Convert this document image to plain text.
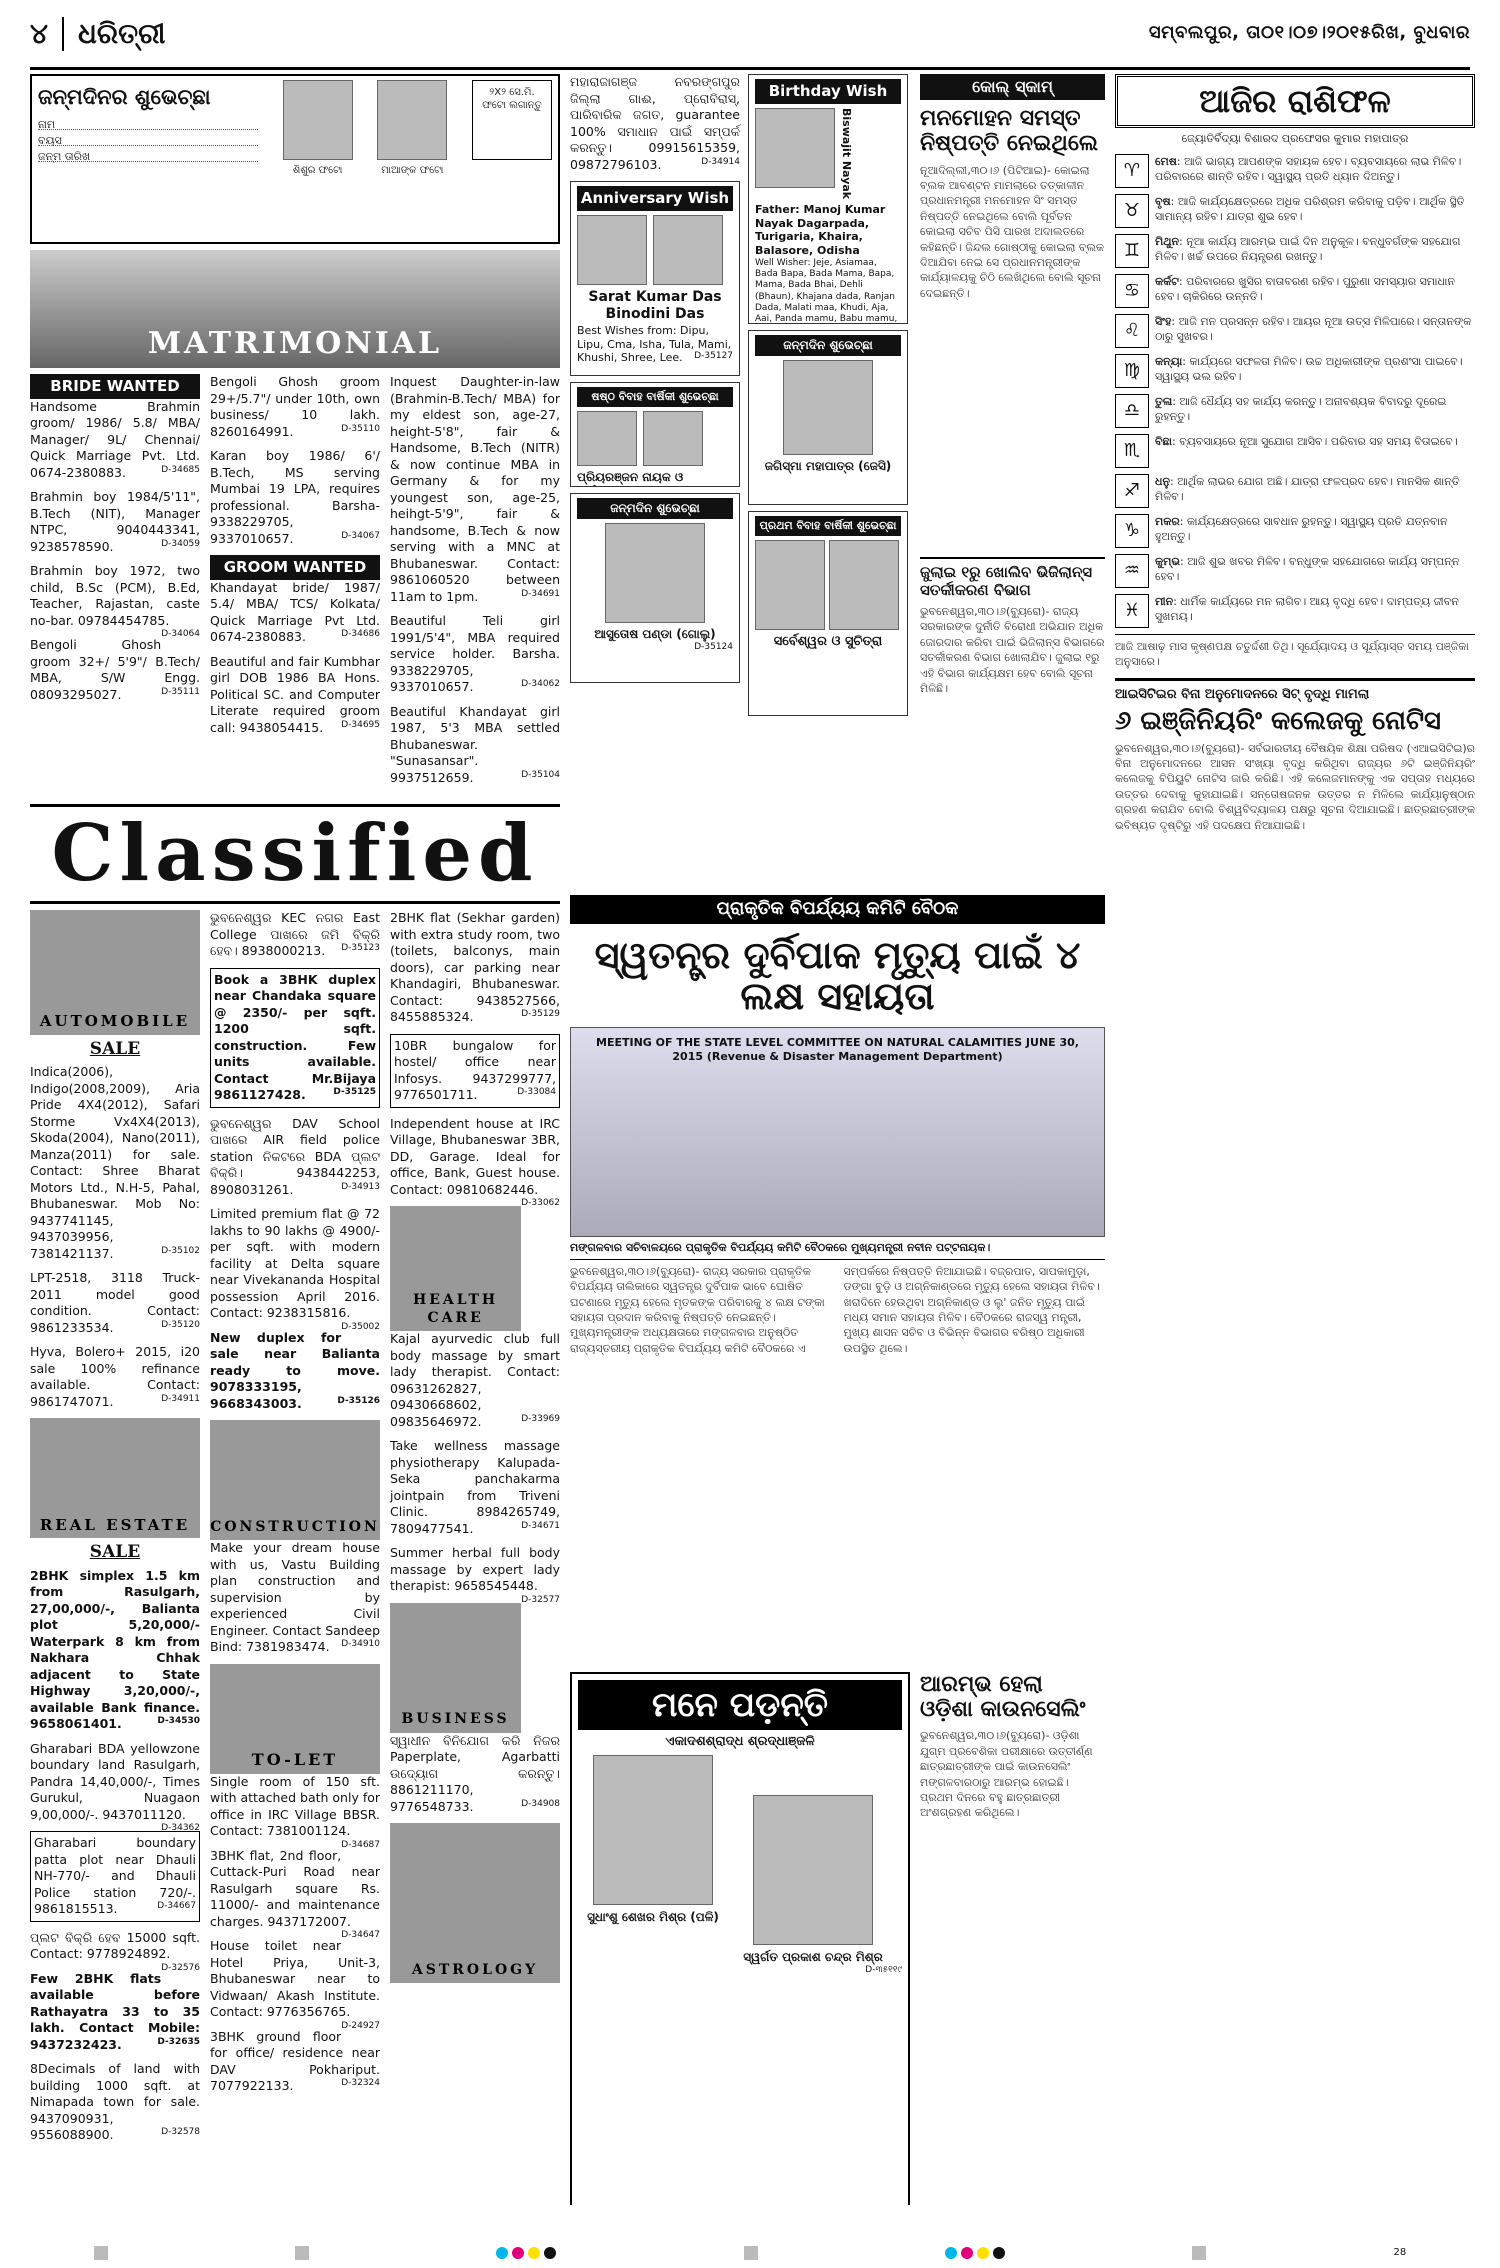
୪ ଧରିତ୍ରୀ	ସମ୍ବଲପୁର, ତା୦୧।୦୭।୨୦୧୫ରିଖ, ବୁଧବାର
ଜନ୍ମଦିନର ଶୁଭେଚ୍ଛା
ନାମ
ବୟସ
ଜନ୍ମ ତାରିଖ
ଶିଶୁର ଫଟୋ	ମାଆଙ୍କ ଫଟୋ
୨X୨ ସେ.ମି. ଫଟୋ ଲଗାନ୍ତୁ
MATRIMONIAL
BRIDE WANTED
Handsome Brahmin groom/ 1986/ 5.8/ MBA/ Manager/ 9L/ Chennai/ Quick Marriage Pvt. Ltd. 0674-2380883.	D-34685
Brahmin boy 1984/5'11", B.Tech (NIT), Manager NTPC, 9040443341, 9238578590.	D-34059
Brahmin boy 1972, two child, B.Sc (PCM), B.Ed, Teacher, Rajastan, caste no-bar. 09784454785.
D-34064
Bengoli Ghosh groom 32+/ 5'9"/ B.Tech/ MBA, S/W Engg. 08093295027.	D-35111
Bengoli Ghosh groom 29+/5.7"/ under 10th, own business/ 10 lakh. 8260164991.	D-35110
Karan boy 1986/ 6'/ B.Tech, MS serving Mumbai 19 LPA, requires professional. Barsha-9338229705, 9337010657.	D-34067
GROOM WANTED
Khandayat bride/ 1987/ 5.4/ MBA/ TCS/ Kolkata/ Quick Marriage Pvt Ltd. 0674-2380883.	D-34686
Beautiful and fair Kumbhar girl DOB 1986 BA Hons. Political SC. and Computer Literate required groom call: 9438054415. D-34695
Inquest Daughter-in-law (Brahmin-B.Tech/ MBA) for my eldest son, age-27, height-5'8", fair & Handsome, B.Tech (NITR) & now continue MBA in Germany & for my youngest son, age-25, heihgt-5'9", fair & handsome, B.Tech & now serving with a MNC at Bhubaneswar. Contact: 9861060520 between 11am to 1pm.	D-34691
Beautiful Teli girl 1991/5'4", MBA required service holder. Barsha. 9338229705, 9337010657.	D-34062
Beautiful Khandayat girl 1987, 5'3 MBA settled Bhubaneswar. "Sunasansar". 9937512659.	D-35104
Classified
AUTOMOBILE
SALE
Indica(2006), Indigo(2008,2009), Aria Pride 4X4(2012), Safari Storme Vx4X4(2013), Skoda(2004), Nano(2011), Manza(2011) for sale. Contact: Shree Bharat Motors Ltd., N.H-5, Pahal, Bhubaneswar. Mob No: 9437741145, 9437039956, 7381421137.	D-35102
LPT-2518, 3118 Truck-2011 model good condition. Contact: 9861233534.	D-35120
Hyva, Bolero+ 2015, i20 sale 100% refinance available. Contact: 9861747071.	D-34911
REAL ESTATE
SALE
2BHK simplex 1.5 km from Rasulgarh, 27,00,000/-, Balianta plot 5,20,000/- Waterpark 8 km from Nakhara Chhak adjacent to State Highway 3,20,000/-, available Bank finance. 9658061401.	D-34530
Gharabari BDA yellowzone boundary land Rasulgarh, Pandra 14,40,000/-, Times Gurukul, Nuagaon 9,00,000/-. 9437011120.
D-34362
Gharabari boundary patta plot near Dhauli NH-770/- and Dhauli Police station 720/-. 9861815513.	D-34667
ପ୍ଲଟ ବିକ୍ରି ହେବ 15000 sqft. Contact: 9778924892.
D-32576
Few 2BHK flats available before Rathayatra 33 to 35 lakh. Contact Mobile: 9437232423.	D-32635
8Decimals of land with building 1000 sqft. at Nimapada town for sale. 9437090931, 9556088900.	D-32578
ଭୁବନେଶ୍ୱର KEC ନଗର East College ପାଖରେ ଜମି ବିକ୍ରି ହେବ। 8938000213. D-35123
Book a 3BHK duplex near Chandaka square @ 2350/- per sqft. 1200 sqft. construction. Few units available. Contact Mr.Bijaya 9861127428.	D-35125
ଭୁବନେଶ୍ୱର DAV School ପାଖରେ AIR field police station ନିକଟରେ BDA ପ୍ଲଟ ବିକ୍ରି। 9438442253, 8908031261.	D-34913
Limited premium flat @ 72 lakhs to 90 lakhs @ 4900/- per sqft. with modern facility at Delta square near Vivekananda Hospital possession April 2016. Contact: 9238315816.
D-35002
New duplex for sale near Balianta ready to move. 9078333195, 9668343003.	D-35126
CONSTRUCTION
Make your dream house with us, Vastu Building plan construction and supervision by experienced Civil Engineer. Contact Sandeep Bind: 7381983474. D-34910
TO-LET
Single room of 150 sft. with attached bath only for office in IRC Village BBSR. Contact: 7381001124.
D-34687
3BHK flat, 2nd floor, Cuttack-Puri Road near Rasulgarh square Rs. 11000/- and maintenance charges. 9437172007.
D-34647
House toilet near Hotel Priya, Unit-3, Bhubaneswar near to Vidwaan/ Akash Institute. Contact: 9776356765.
D-24927
3BHK ground floor for office/ residence near DAV Pokhariput. 7077922133.	D-32324
2BHK flat (Sekhar garden) with extra study room, two (toilets, balconys, main doors), car parking near Khandagiri, Bhubaneswar. Contact: 9438527566, 8455885324.	D-35129
10BR bungalow for hostel/ office near Infosys. 9437299777, 9776501711.	D-33084
Independent house at IRC Village, Bhubaneswar 3BR, DD, Garage. Ideal for office, Bank, Guest house. Contact: 09810682446.
D-33062
HEALTH CARE
Kajal ayurvedic club full body massage by smart lady therapist. Contact: 09631262827, 09430668602, 09835646972.	D-33969
Take wellness massage physiotherapy Kalupada-Seka panchakarma jointpain from Triveni Clinic. 8984265749, 7809477541.	D-34671
Summer herbal full body massage by expert lady therapist: 9658545448.
D-32577
BUSINESS
ସ୍ୱାଧୀନ ବିନିଯୋଗ କରି ନିଜର Paperplate, Agarbatti ଉଦ୍ୟୋଗ କରନ୍ତୁ। 8861211170, 9776548733.	D-34908
ASTROLOGY
ମହାରାଜାଗଞ୍ଜ ନବରଙ୍ଗପୁର ଜିଲ୍ଲା ଗାଈ, ପ୍ରୋବିରାସ୍, ପାରିବାରିକ ଜଗତ, guarantee 100% ସମାଧାନ ପାଇଁ ସମ୍ପର୍କ କରନ୍ତୁ। 09915615359, 09872796103.	D-34914
Anniversary Wish
Sarat Kumar Das Binodini Das
Best Wishes from: Dipu, Lipu, Cma, Isha, Tula, Mami, Khushi, Shree, Lee. D-35127
ଷଷ୍ଠ ବିବାହ ବାର୍ଷିକୀ ଶୁଭେଚ୍ଛା
ପ୍ରିୟରଞ୍ଜନ ନାୟକ ଓ
ଜନ୍ମଦିନ ଶୁଭେଚ୍ଛା
ଆସୁତୋଷ ପଣ୍ଡା (ଗୋଲୁ)
D-35124
Birthday Wish
Biswajit Nayak
Father: Manoj Kumar Nayak Dagarpada, Turigaria, Khaira, Balasore, Odisha
Well Wisher: Jeje, Asiamaa, Bada Bapa, Bada Mama, Bapa, Mama, Bada Bhai, Dehli (Bhaun), Khajana dada, Ranjan Dada, Malati maa, Khudi, Aja, Aai, Panda mamu, Babu mamu,
ଜନ୍ମଦିନ ଶୁଭେଚ୍ଛା
ଜଗିସ୍ମା ମହାପାତ୍ର (ଜେସି)
ପ୍ରଥମ ବିବାହ ବାର୍ଷିକୀ ଶୁଭେଚ୍ଛା
ସର୍ବେଶ୍ୱର ଓ ସୁଚିତ୍ରା
କୋଲ୍ ସ୍କାମ୍
ମନମୋହନ ସମସ୍ତ ନିଷ୍ପତ୍ତି ନେଇଥିଲେ
ନୂଆଦିଲ୍ଲୀ,୩୦।୬ (ପିଟିଆଇ)- କୋଇଲା ବ୍ଲକ ଆବଣ୍ଟନ ମାମଲାରେ ତତ୍କାଳୀନ ପ୍ରଧାନମନ୍ତ୍ରୀ ମନମୋହନ ସିଂ ସମସ୍ତ ନିଷ୍ପତ୍ତି ନେଇଥିଲେ ବୋଲି ପୂର୍ବତନ କୋଇଲା ସଚିବ ପିସି ପାରଖ ଅଦାଲତରେ କହିଛନ୍ତି। ଜିନ୍ଦଲ ଗୋଷ୍ଠୀକୁ କୋଇଲା ବ୍ଲକ ଦିଆଯିବା ନେଇ ସେ ପ୍ରଧାନମନ୍ତ୍ରୀଙ୍କ କାର୍ଯ୍ୟାଳୟକୁ ଚିଠି ଲେଖିଥିଲେ ବୋଲି ସୂଚନା ଦେଇଛନ୍ତି।
ଜୁଲାଇ ୧ରୁ ଖୋଲିବ ଭିଜିଲାନ୍ସ ସତର୍କୀକରଣ ବିଭାଗ
ଭୁବନେଶ୍ୱର,୩୦।୬(ବ୍ୟୁରୋ)- ରାଜ୍ୟ ସରକାରଙ୍କ ଦୁର୍ନୀତି ବିରୋଧୀ ଅଭିଯାନ ଅଧିକ ଜୋରଦାର କରିବା ପାଇଁ ଭିଜିଲାନ୍ସ ବିଭାଗରେ ସତର୍କୀକରଣ ବିଭାଗ ଖୋଲାଯିବ। ଜୁଲାଇ ୧ରୁ ଏହି ବିଭାଗ କାର୍ଯ୍ୟକ୍ଷମ ହେବ ବୋଲି ସୂଚନା ମିଳିଛି।
ପ୍ରାକୃତିକ ବିପର୍ଯ୍ୟୟ କମିଟି ବୈଠକ
ସ୍ୱତନ୍ତ୍ର ଦୁର୍ବିପାକ ମୃତ୍ୟୁ ପାଇଁ ୪ ଲକ୍ଷ ସହାୟତା
MEETING OF THE STATE LEVEL COMMITTEE ON NATURAL CALAMITIES JUNE 30, 2015 (Revenue & Disaster Management Department)
ମଙ୍ଗଳବାର ସଚିବାଳୟରେ ପ୍ରାକୃତିକ ବିପର୍ଯ୍ୟୟ କମିଟି ବୈଠକରେ ମୁଖ୍ୟମନ୍ତ୍ରୀ ନବୀନ ପଟ୍ଟନାୟକ।
ଭୁବନେଶ୍ୱର,୩୦।୬(ବ୍ୟୁରୋ)- ରାଜ୍ୟ ସରକାର ପ୍ରାକୃତିକ ବିପର୍ଯ୍ୟୟ ତାଲିକାରେ ସ୍ୱତନ୍ତ୍ର ଦୁର୍ବିପାକ ଭାବେ ଘୋଷିତ ଘଟଣାରେ ମୃତ୍ୟୁ ହେଲେ ମୃତକଙ୍କ ପରିବାରକୁ ୪ ଲକ୍ଷ ଟଙ୍କା ସହାୟତା ପ୍ରଦାନ କରିବାକୁ ନିଷ୍ପତ୍ତି ନେଇଛନ୍ତି। ମୁଖ୍ୟମନ୍ତ୍ରୀଙ୍କ ଅଧ୍ୟକ୍ଷତାରେ ମଙ୍ଗଳବାର ଅନୁଷ୍ଠିତ ରାଜ୍ୟସ୍ତରୀୟ ପ୍ରାକୃତିକ ବିପର୍ଯ୍ୟୟ କମିଟି ବୈଠକରେ ଏ ସମ୍ପର୍କରେ ନିଷ୍ପତ୍ତି ନିଆଯାଇଛି। ବଜ୍ରପାତ, ସାପକାମୁଡ଼ା, ଡଙ୍ଗା ବୁଡ଼ି ଓ ଅଗ୍ନିକାଣ୍ଡରେ ମୃତ୍ୟୁ ହେଲେ ସହାୟତା ମିଳିବ। ଖରାଦିନେ ହେଉଥିବା ଅଗ୍ନିକାଣ୍ଡ ଓ ଲୁ' ଜନିତ ମୃତ୍ୟୁ ପାଇଁ ମଧ୍ୟ ସମାନ ସହାୟତା ମିଳିବ। ବୈଠକରେ ରାଜସ୍ୱ ମନ୍ତ୍ରୀ, ମୁଖ୍ୟ ଶାସନ ସଚିବ ଓ ବିଭିନ୍ନ ବିଭାଗର ବରିଷ୍ଠ ଅଧିକାରୀ ଉପସ୍ଥିତ ଥିଲେ।
ମନେ ପଡ଼ନ୍ତି
ଏକାଦଶଶ୍ରାଦ୍ଧ ଶ୍ରଦ୍ଧାଞ୍ଜଳି
ସୁଧାଂଶୁ ଶେଖର ମିଶ୍ର (ପଳି)
ସ୍ୱର୍ଗତ ପ୍ରକାଶ ଚନ୍ଦ୍ର ମିଶ୍ର
D-୩୫୧୧୯
ଆରମ୍ଭ ହେଲା ଓଡ଼ିଶା କାଉନସେଲିଂ
ଭୁବନେଶ୍ୱର,୩୦।୬(ବ୍ୟୁରୋ)- ଓଡ଼ିଶା ଯୁଗ୍ମ ପ୍ରବେଶିକା ପରୀକ୍ଷାରେ ଉତ୍ତୀର୍ଣ୍ଣ ଛାତ୍ରଛାତ୍ରୀଙ୍କ ପାଇଁ କାଉନସେଲିଂ ମଙ୍ଗଳବାରଠାରୁ ଆରମ୍ଭ ହୋଇଛି। ପ୍ରଥମ ଦିନରେ ବହୁ ଛାତ୍ରଛାତ୍ରୀ ଅଂଶଗ୍ରହଣ କରିଥିଲେ।
ଆଜିର ରାଶିଫଳ
ଜ୍ୟୋତିର୍ବିଦ୍ୟା ବିଶାରଦ ପ୍ରଫେସର କୁମାର ମହାପାତ୍ର
♈	ମେଷ: ଆଜି ଭାଗ୍ୟ ଆପଣଙ୍କ ସହାୟକ ହେବ। ବ୍ୟବସାୟରେ ଲାଭ ମିଳିବ। ପରିବାରରେ ଶାନ୍ତି ରହିବ। ସ୍ୱାସ୍ଥ୍ୟ ପ୍ରତି ଧ୍ୟାନ ଦିଅନ୍ତୁ।
♉	ବୃଷ: ଆଜି କାର୍ଯ୍ୟକ୍ଷେତ୍ରରେ ଅଧିକ ପରିଶ୍ରମ କରିବାକୁ ପଡ଼ିବ। ଆର୍ଥିକ ସ୍ଥିତି ସାମାନ୍ୟ ରହିବ। ଯାତ୍ରା ଶୁଭ ହେବ।
♊	ମିଥୁନ: ନୂଆ କାର୍ଯ୍ୟ ଆରମ୍ଭ ପାଇଁ ଦିନ ଅନୁକୂଳ। ବନ୍ଧୁବର୍ଗଙ୍କ ସହଯୋଗ ମିଳିବ। ଖର୍ଚ୍ଚ ଉପରେ ନିୟନ୍ତ୍ରଣ ରଖନ୍ତୁ।
♋	କର୍କଟ: ପରିବାରରେ ଖୁସିର ବାତାବରଣ ରହିବ। ପୁରୁଣା ସମସ୍ୟାର ସମାଧାନ ହେବ। ଚାକିରିରେ ଉନ୍ନତି।
♌	ସିଂହ: ଆଜି ମନ ପ୍ରସନ୍ନ ରହିବ। ଆୟର ନୂଆ ଉତ୍ସ ମିଳିପାରେ। ସନ୍ତାନଙ୍କ ଠାରୁ ସୁଖବର।
♍	କନ୍ୟା: କାର୍ଯ୍ୟରେ ସଫଳତା ମିଳିବ। ଉଚ୍ଚ ଅଧିକାରୀଙ୍କ ପ୍ରଶଂସା ପାଇବେ। ସ୍ୱାସ୍ଥ୍ୟ ଭଲ ରହିବ।
♎	ତୁଳା: ଆଜି ଧୈର୍ଯ୍ୟ ସହ କାର୍ଯ୍ୟ କରନ୍ତୁ। ଅନାବଶ୍ୟକ ବିବାଦରୁ ଦୂରେଇ ରୁହନ୍ତୁ।
♏	ବିଛା: ବ୍ୟବସାୟରେ ନୂଆ ସୁଯୋଗ ଆସିବ। ପରିବାର ସହ ସମୟ ବିତାଇବେ।
♐	ଧନୁ: ଆର୍ଥିକ ଲାଭର ଯୋଗ ଅଛି। ଯାତ୍ରା ଫଳପ୍ରଦ ହେବ। ମାନସିକ ଶାନ୍ତି ମିଳିବ।
♑	ମକର: କାର୍ଯ୍ୟକ୍ଷେତ୍ରରେ ସାବଧାନ ରୁହନ୍ତୁ। ସ୍ୱାସ୍ଥ୍ୟ ପ୍ରତି ଯତ୍ନବାନ ହୁଅନ୍ତୁ।
♒	କୁମ୍ଭ: ଆଜି ଶୁଭ ଖବର ମିଳିବ। ବନ୍ଧୁଙ୍କ ସହଯୋଗରେ କାର୍ଯ୍ୟ ସମ୍ପନ୍ନ ହେବ।
♓	ମୀନ: ଧାର୍ମିକ କାର୍ଯ୍ୟରେ ମନ ଲାଗିବ। ଆୟ ବୃଦ୍ଧି ହେବ। ଦାମ୍ପତ୍ୟ ଜୀବନ ସୁଖମୟ।
ଆଜି ଆଷାଢ଼ ମାସ କୃଷ୍ଣପକ୍ଷ ଚତୁର୍ଦ୍ଦଶୀ ତିଥି। ସୂର୍ଯ୍ୟୋଦୟ ଓ ସୂର୍ଯ୍ୟାସ୍ତ ସମୟ ପଞ୍ଜିକା ଅନୁସାରେ।
ଆଇସିଟିଇର ବିନା ଅନୁମୋଦନରେ ସିଟ୍ ବୃଦ୍ଧି ମାମଲା
୬ ଇଞ୍ଜିନିୟରିଂ କଲେଜକୁ ନୋଟିସ
ଭୁବନେଶ୍ୱର,୩୦।୬(ବ୍ୟୁରୋ)- ସର୍ବଭାରତୀୟ ବୈଷୟିକ ଶିକ୍ଷା ପରିଷଦ (ଏଆଇସିଟିଇ)ର ବିନା ଅନୁମୋଦନରେ ଆସନ ସଂଖ୍ୟା ବୃଦ୍ଧି କରିଥିବା ରାଜ୍ୟର ୬ଟି ଇଞ୍ଜିନିୟରିଂ କଲେଜକୁ ବିପିୟୁଟି ନୋଟିସ ଜାରି କରିଛି। ଏହି କଲେଜମାନଙ୍କୁ ଏକ ସପ୍ତାହ ମଧ୍ୟରେ ଉତ୍ତର ଦେବାକୁ କୁହାଯାଇଛି। ସନ୍ତୋଷଜନକ ଉତ୍ତର ନ ମିଳିଲେ କାର୍ଯ୍ୟାନୁଷ୍ଠାନ ଗ୍ରହଣ କରାଯିବ ବୋଲି ବିଶ୍ୱବିଦ୍ୟାଳୟ ପକ୍ଷରୁ ସୂଚନା ଦିଆଯାଇଛି। ଛାତ୍ରଛାତ୍ରୀଙ୍କ ଭବିଷ୍ୟତ ଦୃଷ୍ଟିରୁ ଏହି ପଦକ୍ଷେପ ନିଆଯାଇଛି।
28
